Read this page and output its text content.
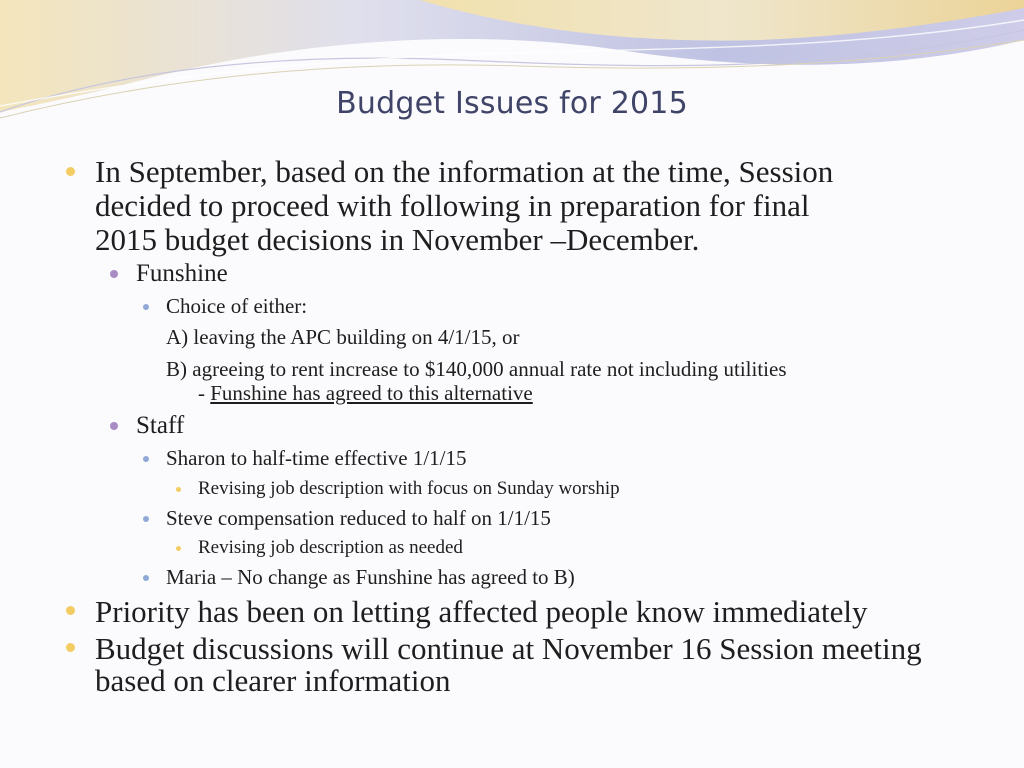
Budget Issues for 2015
In September, based on the information at the time, Session
decided to proceed with following in preparation for final
2015 budget decisions in November –December.
Funshine
Choice of either:
A) leaving the APC building on 4/1/15, or
B) agreeing to rent increase to $140,000 annual rate not including utilities
- Funshine has agreed to this alternative
Staff
Sharon to half-time effective 1/1/15
Revising job description with focus on Sunday worship
Steve compensation reduced to half on 1/1/15
Revising job description as needed
Maria – No change as Funshine has agreed to B)
Priority has been on letting affected people know immediately
Budget discussions will continue at November 16 Session meeting
based on clearer information
